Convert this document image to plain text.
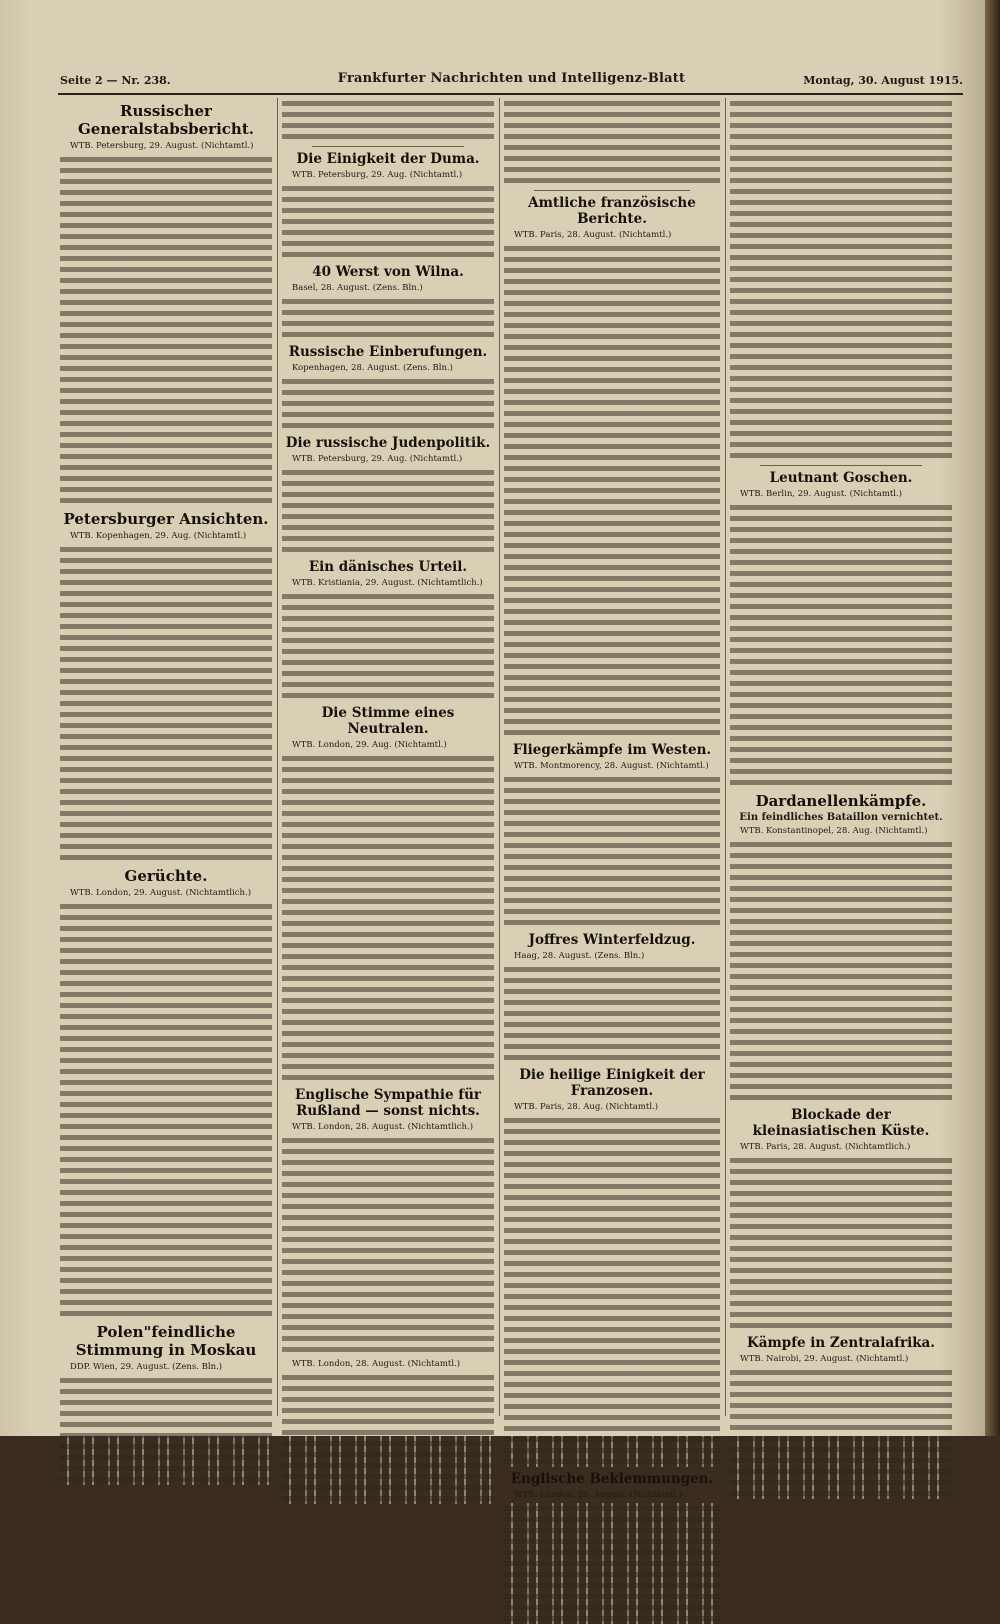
Seite 2 — Nr. 238.	Frankfurter Nachrichten und Intelligenz-Blatt	Montag, 30. August 1915.
Russischer Generalstabsbericht.
WTB. Petersburg, 29. August. (Nichtamtl.)
Petersburger Ansichten.
WTB. Kopenhagen, 29. Aug. (Nichtamtl.)
Gerüchte.
WTB. London, 29. August. (Nichtamtlich.)
Polen"feindliche Stimmung in Moskau
DDP. Wien, 29. August. (Zens. Bln.)
Die Einigkeit der Duma.
WTB. Petersburg, 29. Aug. (Nichtamtl.)
40 Werst von Wilna.
Basel, 28. August. (Zens. Bln.)
Russische Einberufungen.
Kopenhagen, 28. August. (Zens. Bln.)
Die russische Judenpolitik.
WTB. Petersburg, 29. Aug. (Nichtamtl.)
Ein dänisches Urteil.
WTB. Kristiania, 29. August. (Nichtamtlich.)
Die Stimme eines Neutralen.
WTB. London, 29. Aug. (Nichtamtl.)
Englische Sympathie für Rußland — sonst nichts.
WTB. London, 28. August. (Nichtamtlich.)
WTB. London, 28. August. (Nichtamtl.)
Amtliche französische Berichte.
WTB. Paris, 28. August. (Nichtamtl.)
Fliegerkämpfe im Westen.
WTB. Montmorency, 28. August. (Nichtamtl.)
Joffres Winterfeldzug.
Haag, 28. August. (Zens. Bln.)
Die heilige Einigkeit der Franzosen.
WTB. Paris, 28. Aug. (Nichtamtl.)
Englische Beklemmungen.
WTB. London, 29. August. (Nichtamtl.)
Leutnant Goschen.
WTB. Berlin, 29. August. (Nichtamtl.)
Dardanellenkämpfe.
Ein feindliches Bataillon vernichtet.
WTB. Konstantinopel, 28. Aug. (Nichtamtl.)
Blockade der kleinasiatischen Küste.
WTB. Paris, 28. August. (Nichtamtlich.)
Kämpfe in Zentralafrika.
WTB. Nairobi, 29. August. (Nichtamtl.)
